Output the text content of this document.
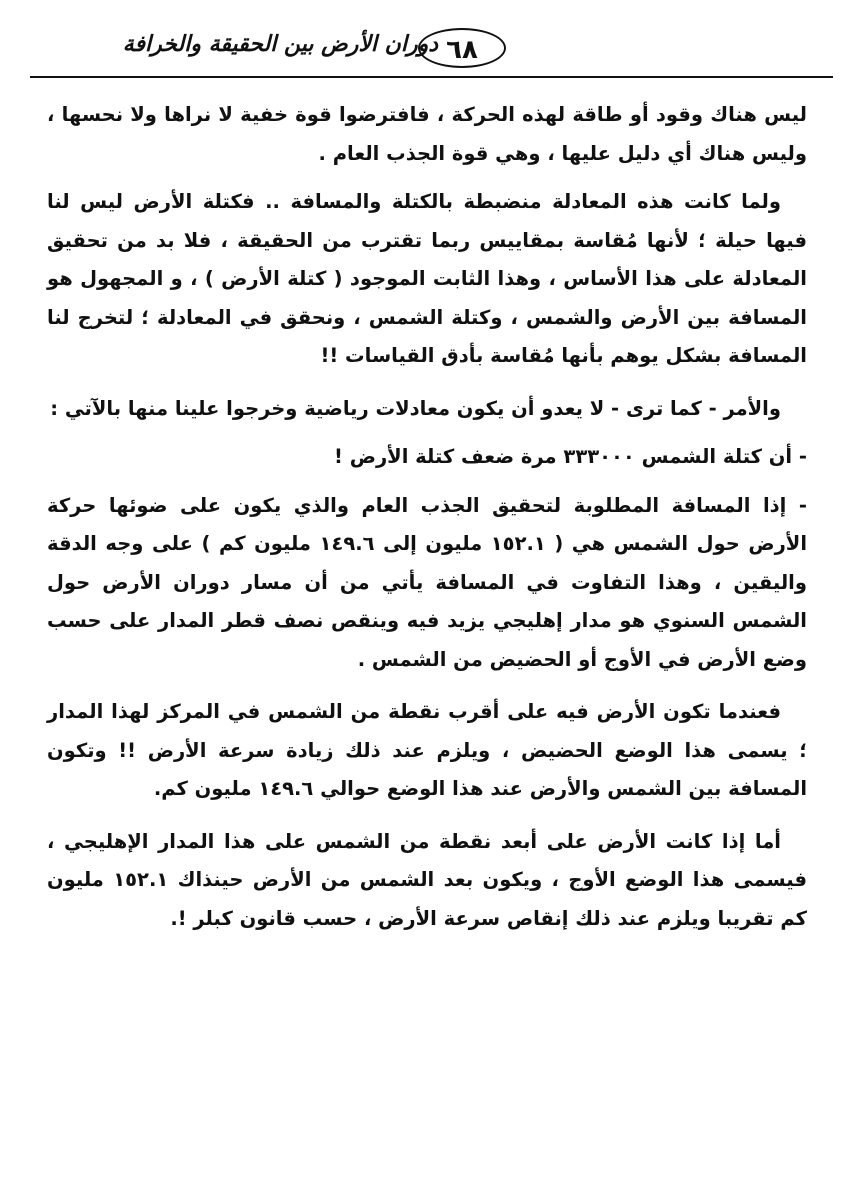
دوران الأرض بين الحقيقة والخرافة ٦٨

ليس هناك وقود أو طاقة لهذه الحركة ، فافترضوا قوة خفية لا نراها ولا نحسها ، وليس هناك أي دليل عليها ، وهي قوة الجذب العام .

ولما كانت هذه المعادلة منضبطة بالكتلة والمسافة .. فكتلة الأرض ليس لنا فيها حيلة ؛ لأنها مُقاسة بمقاييس ربما تقترب من الحقيقة ، فلا بد من تحقيق المعادلة على هذا الأساس ، وهذا الثابت الموجود ( كتلة الأرض ) ، و المجهول هو المسافة بين الأرض والشمس ، وكتلة الشمس ، ونحقق في المعادلة ؛ لتخرج لنا المسافة بشكل يوهم بأنها مُقاسة بأدق القياسات !!

والأمر - كما ترى - لا يعدو أن يكون معادلات رياضية وخرجوا علينا منها بالآتي :

- أن كتلة الشمس ٣٣٣٠٠٠ مرة ضعف كتلة الأرض !

- إذا المسافة المطلوبة لتحقيق الجذب العام والذي يكون على ضوئها حركة الأرض حول الشمس هي ( ١٥٢.١ مليون إلى ١٤٩.٦ مليون كم ) على وجه الدقة واليقين ، وهذا التفاوت في المسافة يأتي من أن مسار دوران الأرض حول الشمس السنوي هو مدار إهليجي يزيد فيه وينقص نصف قطر المدار على حسب وضع الأرض في الأوج أو الحضيض من الشمس .

فعندما تكون الأرض فيه على أقرب نقطة من الشمس في المركز لهذا المدار ؛ يسمى هذا الوضع الحضيض ، ويلزم عند ذلك زيادة سرعة الأرض !! وتكون المسافة بين الشمس والأرض عند هذا الوضع حوالي ١٤٩.٦ مليون كم.

أما إذا كانت الأرض على أبعد نقطة من الشمس على هذا المدار الإهليجي ، فيسمى هذا الوضع الأوج ، ويكون بعد الشمس من الأرض حينذاك ١٥٢.١ مليون كم تقريبا ويلزم عند ذلك إنقاص سرعة الأرض ، حسب قانون كبلر !.
